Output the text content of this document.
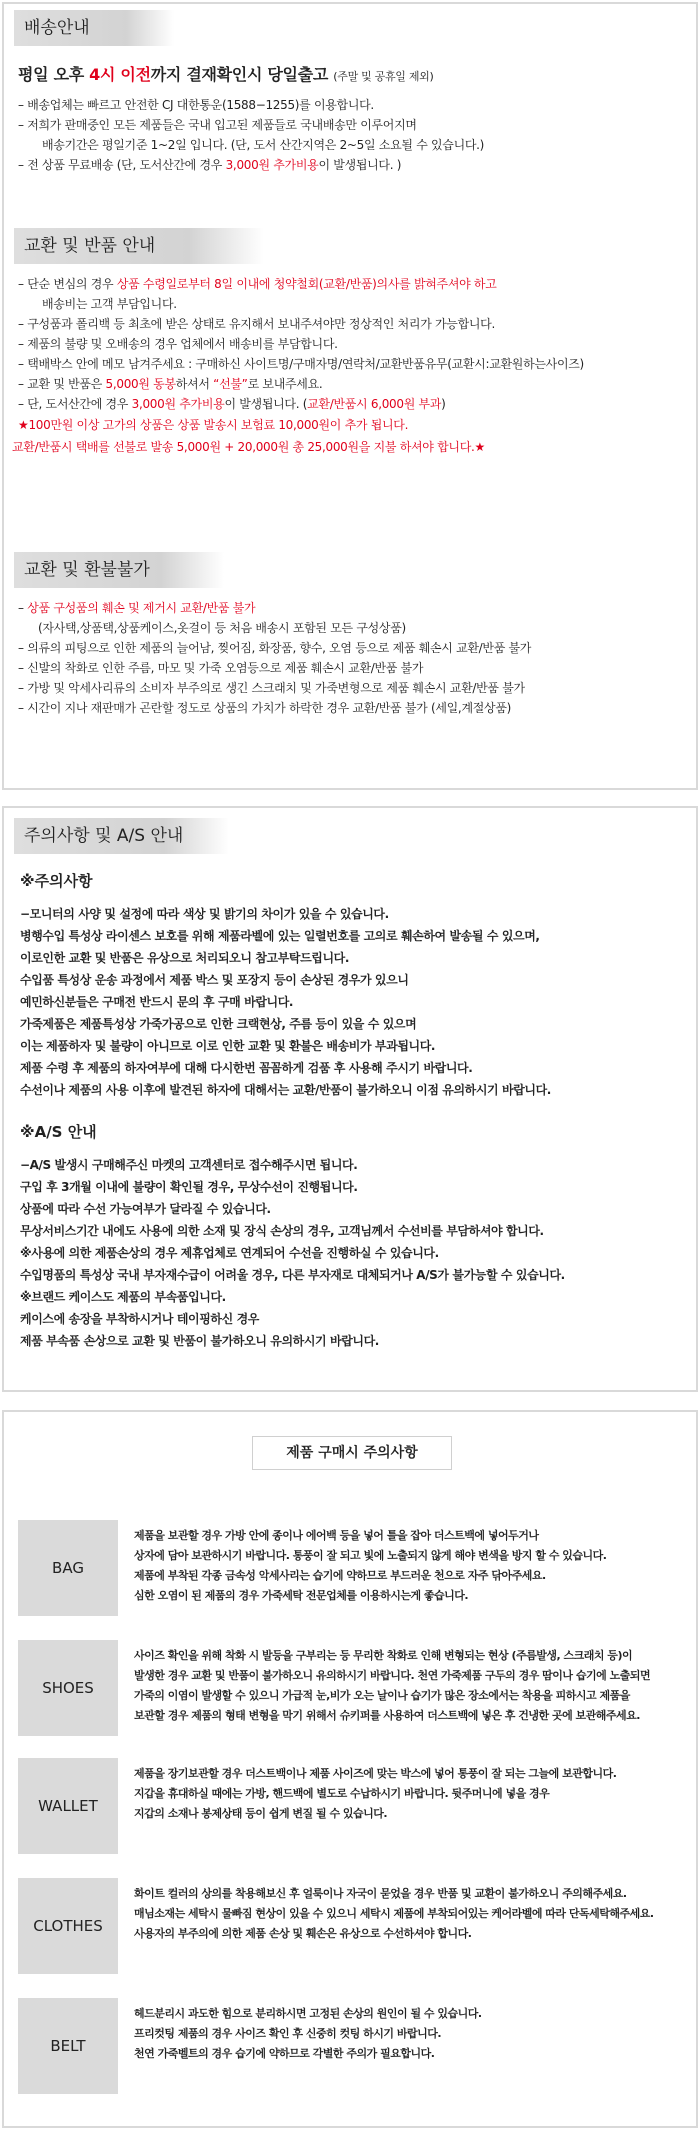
배송안내
평일 오후 4시 이전까지 결재확인시 당일출고 (주말 및 공휴일 제외)
– 배송업체는 빠르고 안전한 CJ 대한통운(1588−1255)를 이용합니다.
– 저희가 판매중인 모든 제품들은 국내 입고된 제품들로 국내배송만 이루어지며
배송기간은 평일기준 1~2일 입니다. (단, 도서 산간지역은 2~5일 소요될 수 있습니다.)
– 전 상품 무료배송 (단, 도서산간에 경우 3,000원 추가비용이 발생됩니다. )
교환 및 반품 안내
– 단순 변심의 경우 상품 수령일로부터 8일 이내에 청약철회(교환/반품)의사를 밝혀주셔야 하고
배송비는 고객 부담입니다.
– 구성품과 폴리백 등 최초에 받은 상태로 유지해서 보내주셔야만 정상적인 처리가 가능합니다.
– 제품의 불량 및 오배송의 경우 업체에서 배송비를 부담합니다.
– 택배박스 안에 메모 남겨주세요 : 구매하신 사이트명/구매자명/연락처/교환반품유무(교환시:교환원하는사이즈)
– 교환 및 반품은 5,000원 동봉하셔서 “선불”로 보내주세요.
– 단, 도서산간에 경우 3,000원 추가비용이 발생됩니다. (교환/반품시 6,000원 부과)
★100만원 이상 고가의 상품은 상품 발송시 보험료 10,000원이 추가 됩니다.
교환/반품시 택배를 선불로 발송 5,000원 + 20,000원 총 25,000원을 지불 하셔야 합니다.★
교환 및 환불불가
– 상품 구성품의 훼손 및 제거시 교환/반품 불가
(자사택,상품택,상품케이스,옷걸이 등 처음 배송시 포함된 모든 구성상품)
– 의류의 피팅으로 인한 제품의 늘어남, 찢어짐, 화장품, 향수, 오염 등으로 제품 훼손시 교환/반품 불가
– 신발의 착화로 인한 주름, 마모 및 가죽 오염등으로 제품 훼손시 교환/반품 불가
– 가방 및 악세사리류의 소비자 부주의로 생긴 스크래치 및 가죽변형으로 제품 훼손시 교환/반품 불가
– 시간이 지나 재판매가 곤란할 정도로 상품의 가치가 하락한 경우 교환/반품 불가 (세일,계절상품)
주의사항 및 A/S 안내
※주의사항

−모니터의 사양 및 설정에 따라 색상 및 밝기의 차이가 있을 수 있습니다.

병행수입 특성상 라이센스 보호를 위해 제품라벨에 있는 일렬번호를 고의로 훼손하여 발송될 수 있으며,

이로인한 교환 및 반품은 유상으로 처리되오니 참고부탁드립니다.

수입품 특성상 운송 과정에서 제품 박스 및 포장지 등이 손상된 경우가 있으니

예민하신분들은 구매전 반드시 문의 후 구매 바랍니다.

가죽제품은 제품특성상 가죽가공으로 인한 크랙현상, 주름 등이 있을 수 있으며

이는 제품하자 및 불량이 아니므로 이로 인한 교환 및 환불은 배송비가 부과됩니다.

제품 수령 후 제품의 하자여부에 대해 다시한번 꼼꼼하게 검품 후 사용해 주시기 바랍니다.

수선이나 제품의 사용 이후에 발견된 하자에 대해서는 교환/반품이 불가하오니 이점 유의하시기 바랍니다.

※A/S 안내

−A/S 발생시 구매해주신 마켓의 고객센터로 접수해주시면 됩니다.

구입 후 3개월 이내에 불량이 확인될 경우, 무상수선이 진행됩니다.

상품에 따라 수선 가능여부가 달라질 수 있습니다.

무상서비스기간 내에도 사용에 의한 소재 및 장식 손상의 경우, 고객님께서 수선비를 부담하셔야 합니다.

※사용에 의한 제품손상의 경우 제휴업체로 연계되어 수선을 진행하실 수 있습니다.

수입명품의 특성상 국내 부자재수급이 어려울 경우, 다른 부자재로 대체되거나 A/S가 불가능할 수 있습니다.

※브랜드 케이스도 제품의 부속품입니다.

케이스에 송장을 부착하시거나 테이핑하신 경우

제품 부속품 손상으로 교환 및 반품이 불가하오니 유의하시기 바랍니다.

제품 구매시 주의사항
BAG

제품을 보관할 경우 가방 안에 종이나 에어백 등을 넣어 틀을 잡아 더스트백에 넣어두거나

상자에 담아 보관하시기 바랍니다. 통풍이 잘 되고 빛에 노출되지 않게 해야 변색을 방지 할 수 있습니다.

제품에 부착된 각종 금속성 악세사리는 습기에 약하므로 부드러운 천으로 자주 닦아주세요.

심한 오염이 된 제품의 경우 가죽세탁 전문업체를 이용하시는게 좋습니다.

SHOES

사이즈 확인을 위해 착화 시 발등을 구부리는 등 무리한 착화로 인해 변형되는 현상 (주름발생, 스크래치 등)이

발생한 경우 교환 및 반품이 불가하오니 유의하시기 바랍니다. 천연 가죽제품 구두의 경우 땀이나 습기에 노출되면

가죽의 이염이 발생할 수 있으니 가급적 눈,비가 오는 날이나 습기가 많은 장소에서는 착용을 피하시고 제품을

보관할 경우 제품의 형태 변형을 막기 위해서 슈키퍼를 사용하여 더스트백에 넣은 후 건냉한 곳에 보관해주세요.

WALLET

제품을 장기보관할 경우 더스트백이나 제품 사이즈에 맞는 박스에 넣어 통풍이 잘 되는 그늘에 보관합니다.

지갑을 휴대하실 때에는 가방, 핸드백에 별도로 수납하시기 바랍니다. 뒷주머니에 넣을 경우

지갑의 소재나 봉제상태 등이 쉽게 변질 될 수 있습니다.

CLOTHES

화이트 컬러의 상의를 착용해보신 후 얼룩이나 자국이 묻었을 경우 반품 및 교환이 불가하오니 주의해주세요.

매님소재는 세탁시 물빠짐 현상이 있을 수 있으니 세탁시 제품에 부착되어있는 케어라벨에 따라 단독세탁해주세요.

사용자의 부주의에 의한 제품 손상 및 훼손은 유상으로 수선하셔야 합니다.

BELT

헤드분리시 과도한 힘으로 분리하시면 고정된 손상의 원인이 될 수 있습니다.

프리컷팅 제품의 경우 사이즈 확인 후 신중히 컷팅 하시기 바랍니다.

천연 가죽벨트의 경우 습기에 약하므로 각별한 주의가 필요합니다.
